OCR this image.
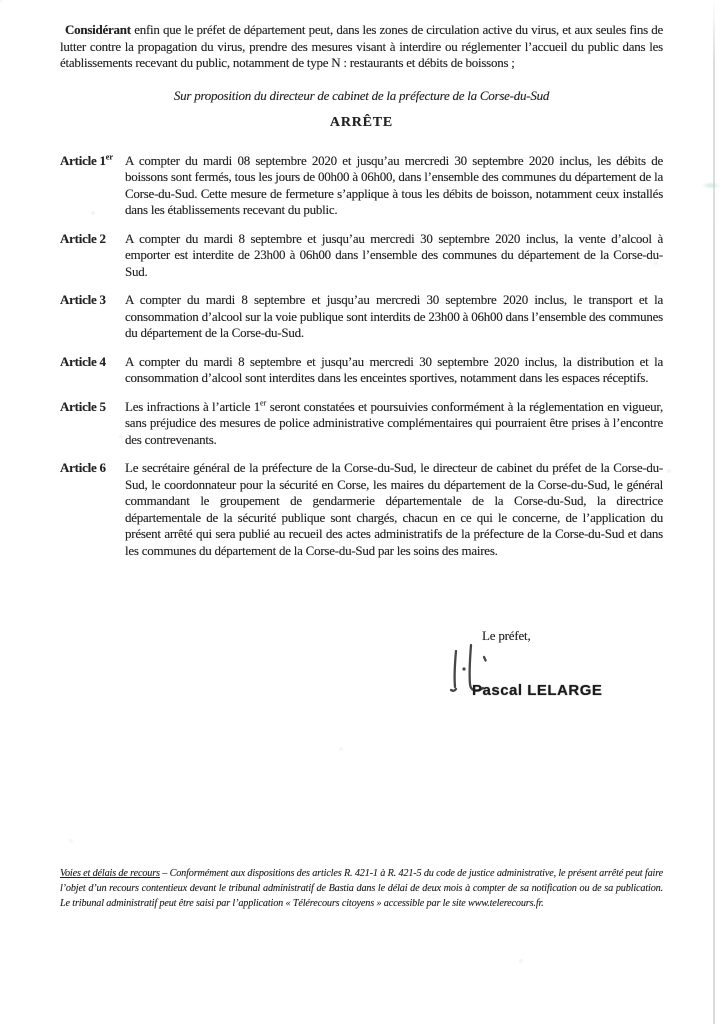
Considérant enfin que le préfet de département peut, dans les zones de circulation active du virus, et aux seules fins de lutter contre la propagation du virus, prendre des mesures visant à interdire ou réglementer l’accueil du public dans les établissements recevant du public, notamment de type N : restaurants et débits de boissons ;

Sur proposition du directeur de cabinet de la préfecture de la Corse-du-Sud

ARRÊTE
Article 1er A compter du mardi 08 septembre 2020 et jusqu’au mercredi 30 septembre 2020 inclus, les débits de boissons sont fermés, tous les jours de 00h00 à 06h00, dans l’ensemble des communes du département de la Corse-du-Sud. Cette mesure de fermeture s’applique à tous les débits de boisson, notamment ceux installés dans les établissements recevant du public.
Article 2	A compter du mardi 8 septembre et jusqu’au mercredi 30 septembre 2020 inclus, la vente d’alcool à emporter est interdite de 23h00 à 06h00 dans l’ensemble des communes du département de la Corse-du-Sud.
Article 3	A compter du mardi 8 septembre et jusqu’au mercredi 30 septembre 2020 inclus, le transport et la consommation d’alcool sur la voie publique sont interdits de 23h00 à 06h00 dans l’ensemble des communes du département de la Corse-du-Sud.
Article 4	A compter du mardi 8 septembre et jusqu’au mercredi 30 septembre 2020 inclus, la distribution et la consommation d’alcool sont interdites dans les enceintes sportives, notamment dans les espaces réceptifs.
Article 5	Les infractions à l’article 1er seront constatées et poursuivies conformément à la réglementation en vigueur, sans préjudice des mesures de police administrative complémentaires qui pourraient être prises à l’encontre des contrevenants.
Article 6	Le secrétaire général de la préfecture de la Corse-du-Sud, le directeur de cabinet du préfet de la Corse-du-Sud, le coordonnateur pour la sécurité en Corse, les maires du département de la Corse-du-Sud, le général commandant le groupement de gendarmerie départementale de la Corse-du-Sud, la directrice départementale de la sécurité publique sont chargés, chacun en ce qui le concerne, de l’application du présent arrêté qui sera publié au recueil des actes administratifs de la préfecture de la Corse-du-Sud et dans les communes du département de la Corse-du-Sud par les soins des maires.
Le préfet,
Pascal LELARGE
Voies et délais de recours – Conformément aux dispositions des articles R. 421-1 à R. 421-5 du code de justice administrative, le présent arrêté peut faire l’objet d’un recours contentieux devant le tribunal administratif de Bastia dans le délai de deux mois à compter de sa notification ou de sa publication. Le tribunal administratif peut être saisi par l’application « Télérecours citoyens » accessible par le site www.telerecours.fr.
